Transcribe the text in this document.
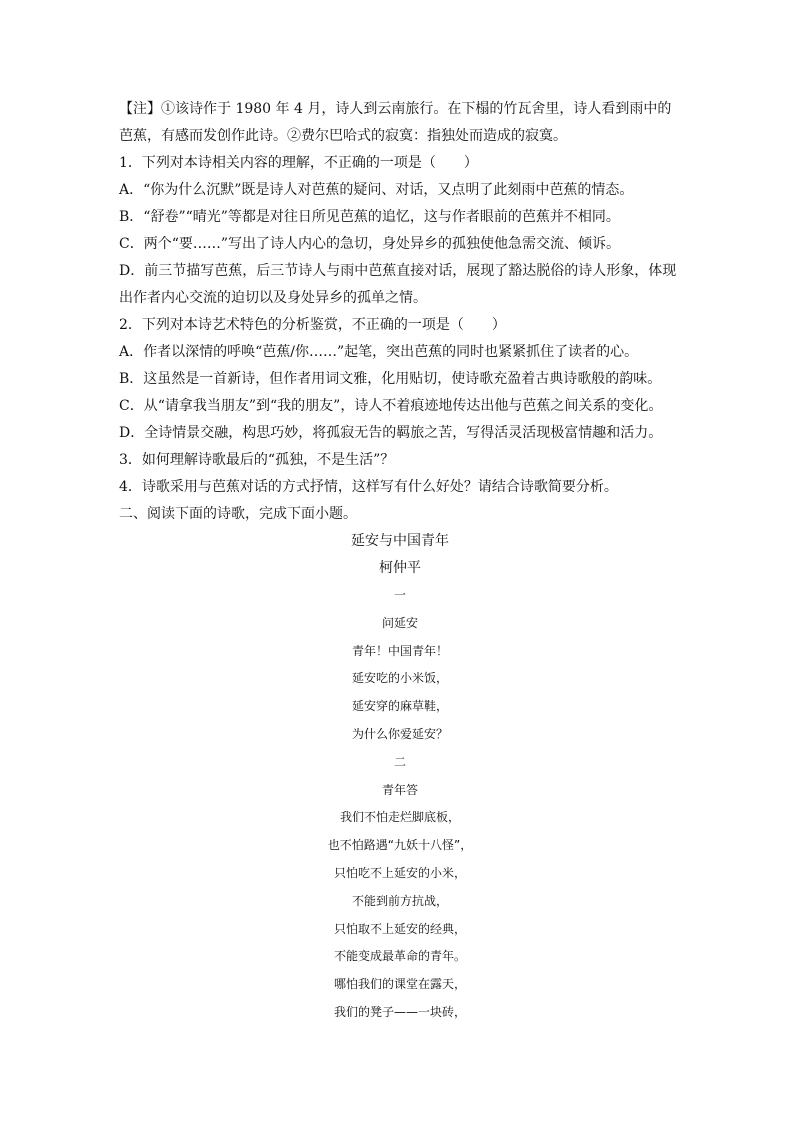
【注】①该诗作于 1980 年 4 月，诗人到云南旅行。在下榻的竹瓦舍里，诗人看到雨中的芭蕉，有感而发创作此诗。②费尔巴哈式的寂寞：指独处而造成的寂寞。

1．下列对本诗相关内容的理解，不正确的一项是（　　）

A．“你为什么沉默”既是诗人对芭蕉的疑问、对话，又点明了此刻雨中芭蕉的情态。

B．“舒卷”“晴光”等都是对往日所见芭蕉的追忆，这与作者眼前的芭蕉并不相同。

C．两个“要……”写出了诗人内心的急切，身处异乡的孤独使他急需交流、倾诉。

D．前三节描写芭蕉，后三节诗人与雨中芭蕉直接对话，展现了豁达脱俗的诗人形象，体现出作者内心交流的迫切以及身处异乡的孤单之情。

2．下列对本诗艺术特色的分析鉴赏，不正确的一项是（　　）

A．作者以深情的呼唤“芭蕉/你……”起笔，突出芭蕉的同时也紧紧抓住了读者的心。

B．这虽然是一首新诗，但作者用词文雅，化用贴切，使诗歌充盈着古典诗歌般的韵味。

C．从“请拿我当朋友”到“我的朋友”，诗人不着痕迹地传达出他与芭蕉之间关系的变化。

D．全诗情景交融，构思巧妙，将孤寂无告的羁旅之苦，写得活灵活现极富情趣和活力。

3．如何理解诗歌最后的“孤独，不是生活”？

4．诗歌采用与芭蕉对话的方式抒情，这样写有什么好处？请结合诗歌简要分析。

二、阅读下面的诗歌，完成下面小题。

延安与中国青年

柯仲平

一

问延安

青年！中国青年！

延安吃的小米饭，

延安穿的麻草鞋，

为什么你爱延安？

二

青年答

我们不怕走烂脚底板，

也不怕路遇“九妖十八怪”，

只怕吃不上延安的小米，

不能到前方抗战，

只怕取不上延安的经典，

不能变成最革命的青年。

哪怕我们的课堂在露天，

我们的凳子——一块砖，
